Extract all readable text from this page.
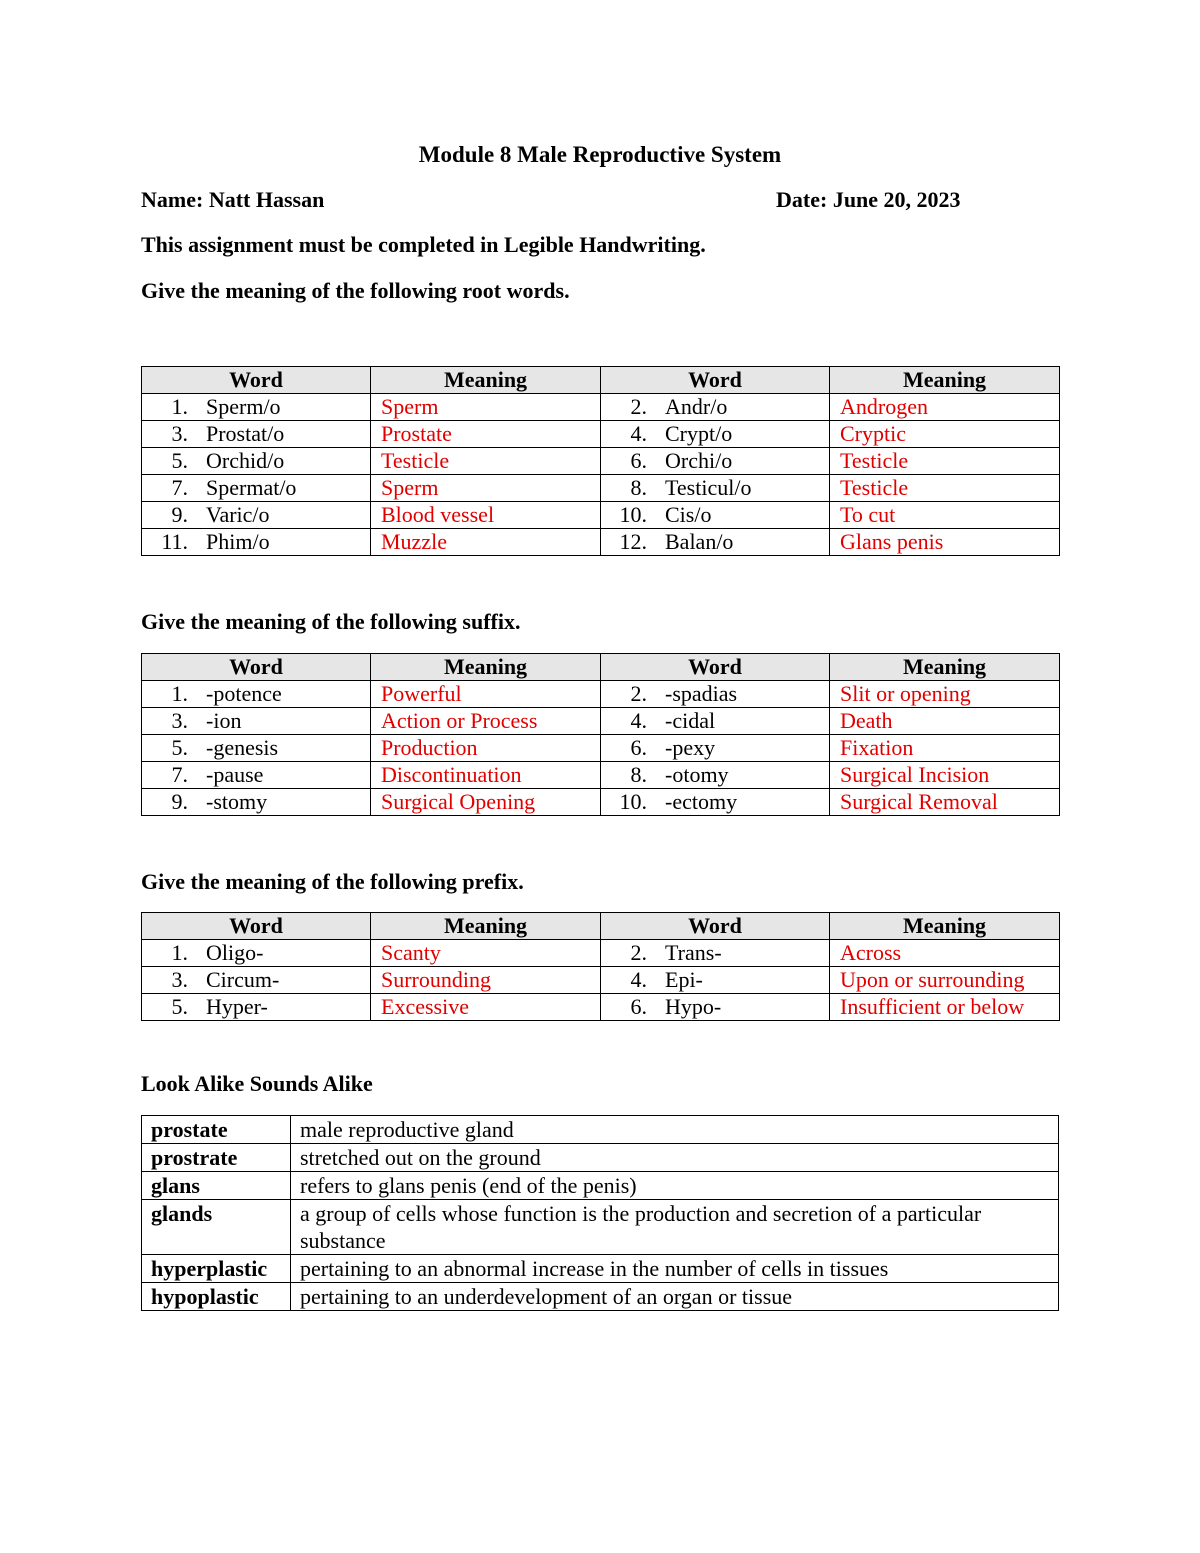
Module 8 Male Reproductive System
Name: Natt Hassan	Date: June 20, 2023
This assignment must be completed in Legible Handwriting.
Give the meaning of the following root words.
Word	Meaning	Word	Meaning
1. Sperm/o	Sperm	2. Andr/o	Androgen
3. Prostat/o	Prostate	4. Crypt/o	Cryptic
5. Orchid/o	Testicle	6. Orchi/o	Testicle
7. Spermat/o	Sperm	8. Testicul/o	Testicle
9. Varic/o	Blood vessel	10. Cis/o	To cut
11. Phim/o	Muzzle	12. Balan/o	Glans penis
Give the meaning of the following suffix.
Word	Meaning	Word	Meaning
1. -potence	Powerful	2. -spadias	Slit or opening
3. -ion	Action or Process	4. -cidal	Death
5. -genesis	Production	6. -pexy	Fixation
7. -pause	Discontinuation	8. -otomy	Surgical Incision
9. -stomy	Surgical Opening	10. -ectomy	Surgical Removal
Give the meaning of the following prefix.
Word	Meaning	Word	Meaning
1. Oligo-	Scanty	2. Trans-	Across
3. Circum-	Surrounding	4. Epi-	Upon or surrounding
5. Hyper-	Excessive	6. Hypo-	Insufficient or below
Look Alike Sounds Alike
prostate	male reproductive gland
prostrate	stretched out on the ground
glans	refers to glans penis (end of the penis)
glands	a group of cells whose function is the production and secretion of a particular substance
hyperplastic	pertaining to an abnormal increase in the number of cells in tissues
hypoplastic	pertaining to an underdevelopment of an organ or tissue
